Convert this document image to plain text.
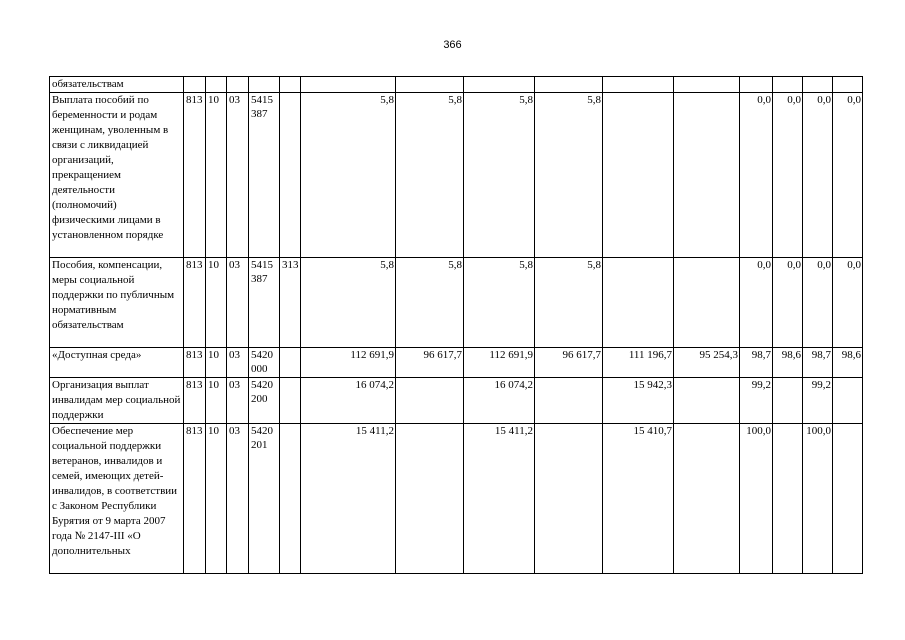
366
обязательствам															
Выплата пособий по беременности и родам женщинам, уволенным в связи с ликвидацией организаций, прекращением деятельности (полномочий) физическими лицами в установленном порядке	813	10	03	5415 387		5,8	5,8	5,8	5,8			0,0	0,0	0,0	0,0
Пособия, компенсации, меры социальной поддержки по публичным нормативным обязательствам	813	10	03	5415 387	313	5,8	5,8	5,8	5,8			0,0	0,0	0,0	0,0
«Доступная среда»	813	10	03	5420 000		112 691,9	96 617,7	112 691,9	96 617,7	111 196,7	95 254,3	98,7	98,6	98,7	98,6
Организация выплат инвалидам мер социальной поддержки	813	10	03	5420 200		16 074,2		16 074,2		15 942,3		99,2		99,2	
Обеспечение мер социальной поддержки ветеранов, инвалидов и семей, имеющих детей-инвалидов, в соответствии с Законом Республики Бурятия от 9 марта 2007 года № 2147-III «О дополнительных	813	10	03	5420 201		15 411,2		15 411,2		15 410,7		100,0		100,0	
